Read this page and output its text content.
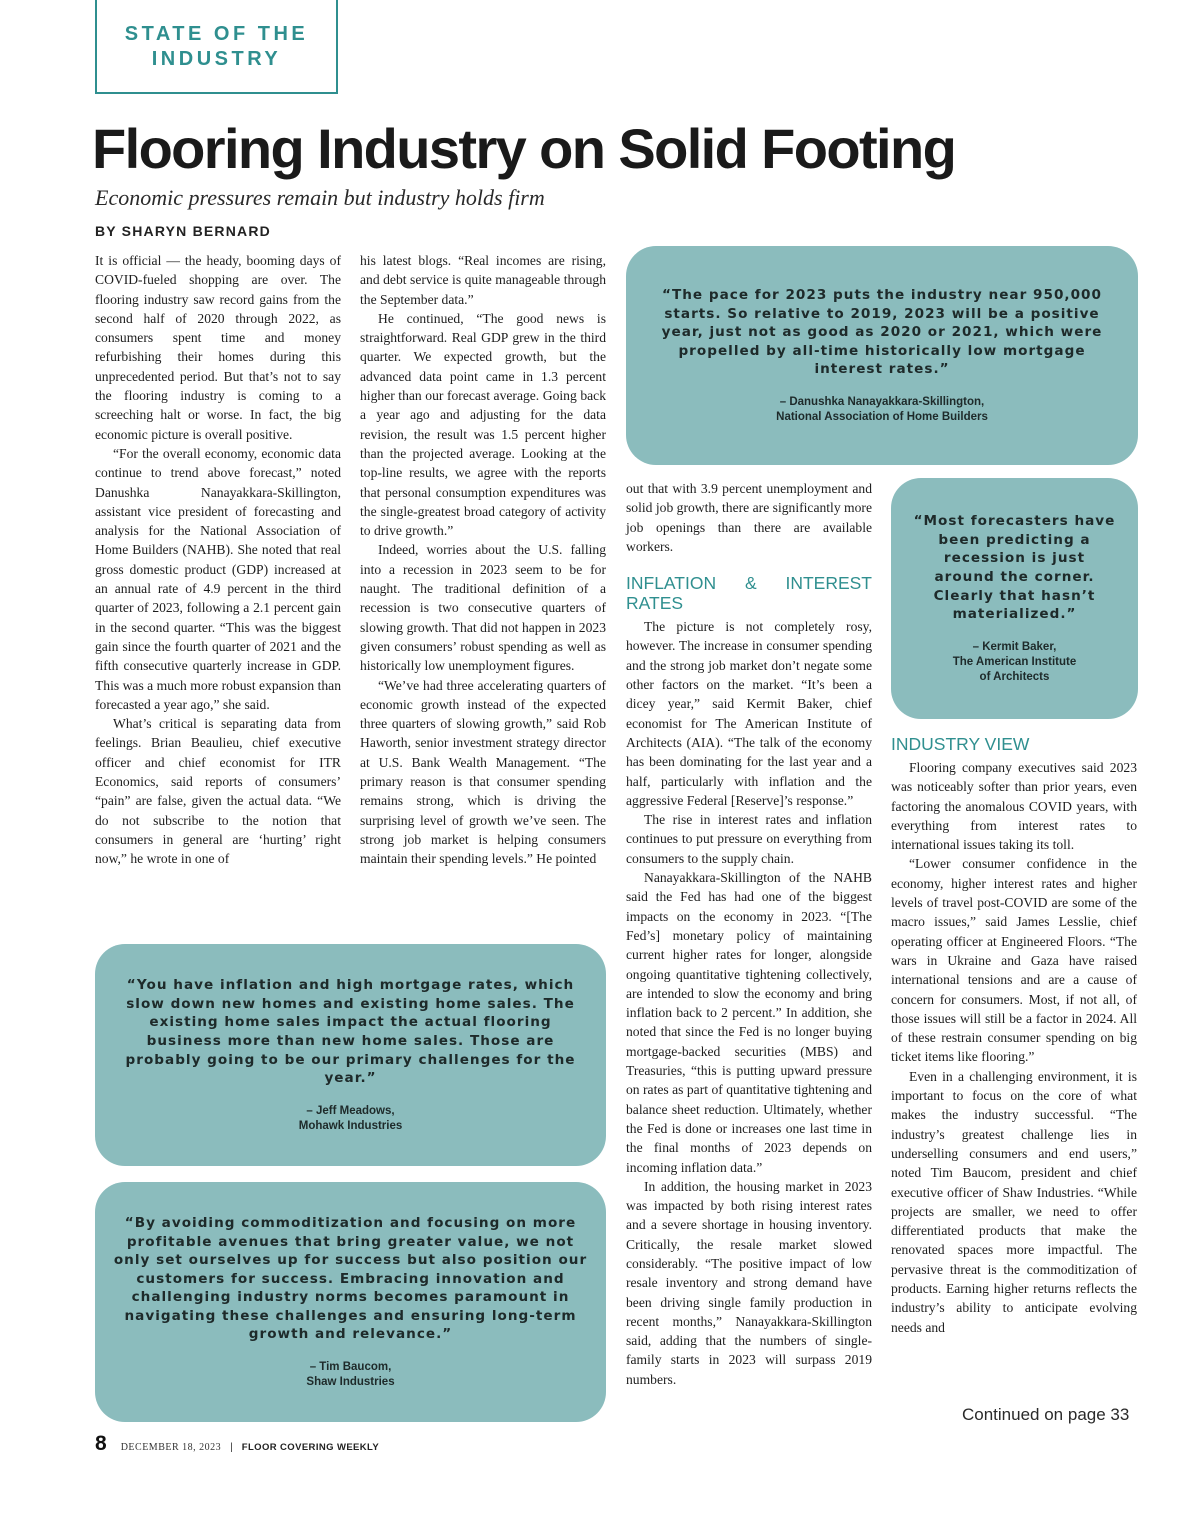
STATE OF THE
INDUSTRY
Flooring Industry on Solid Footing

Economic pressures remain but industry holds firm

BY SHARYN BERNARD

It is official — the heady, booming days of COVID-fueled shopping are over. The flooring industry saw record gains from the second half of 2020 through 2022, as consumers spent time and money refurbishing their homes during this unprecedented period. But that’s not to say the flooring industry is coming to a screeching halt or worse. In fact, the big economic picture is overall positive.

“For the overall economy, economic data continue to trend above forecast,” noted Danushka Nanayakkara-Skillington, assistant vice president of forecasting and analysis for the National Association of Home Builders (NAHB). She noted that real gross domestic product (GDP) increased at an annual rate of 4.9 percent in the third quarter of 2023, following a 2.1 percent gain in the second quarter. “This was the biggest gain since the fourth quarter of 2021 and the fifth consecutive quarterly increase in GDP. This was a much more robust expansion than forecasted a year ago,” she said.

What’s critical is separating data from feelings. Brian Beaulieu, chief executive officer and chief economist for ITR Economics, said reports of consumers’ “pain” are false, given the actual data. “We do not subscribe to the notion that consumers in general are ‘hurting’ right now,” he wrote in one of

his latest blogs. “Real incomes are rising, and debt service is quite manageable through the September data.”

He continued, “The good news is straightforward. Real GDP grew in the third quarter. We expected growth, but the advanced data point came in 1.3 percent higher than our forecast average. Going back a year ago and adjusting for the data revision, the result was 1.5 percent higher than the projected average. Looking at the top-line results, we agree with the reports that personal consumption expenditures was the single-greatest broad category of activity to drive growth.”

Indeed, worries about the U.S. falling into a recession in 2023 seem to be for naught. The traditional definition of a recession is two consecutive quarters of slowing growth. That did not happen in 2023 given consumers’ robust spending as well as historically low unemployment figures.

“We’ve had three accelerating quarters of economic growth instead of the expected three quarters of slowing growth,” said Rob Haworth, senior investment strategy director at U.S. Bank Wealth Management. “The primary reason is that consumer spending remains strong, which is driving the surprising level of growth we’ve seen. The strong job market is helping consumers maintain their spending levels.” He pointed

out that with 3.9 percent unemployment and solid job growth, there are significantly more job openings than there are available workers.

INFLATION & INTEREST RATES

The picture is not completely rosy, however. The increase in consumer spending and the strong job market don’t negate some other factors on the market. “It’s been a dicey year,” said Kermit Baker, chief economist for The American Institute of Architects (AIA). “The talk of the economy has been dominating for the last year and a half, particularly with inflation and the aggressive Federal [Reserve]’s response.”

The rise in interest rates and inflation continues to put pressure on everything from consumers to the supply chain.

Nanayakkara-Skillington of the NAHB said the Fed has had one of the biggest impacts on the economy in 2023. “[The Fed’s] monetary policy of maintaining current higher rates for longer, alongside ongoing quantitative tightening collectively, are intended to slow the economy and bring inflation back to 2 percent.” In addition, she noted that since the Fed is no longer buying mortgage-backed securities (MBS) and Treasuries, “this is putting upward pressure on rates as part of quantitative tightening and balance sheet reduction. Ultimately, whether the Fed is done or increases one last time in the final months of 2023 depends on incoming inflation data.”

In addition, the housing market in 2023 was impacted by both rising interest rates and a severe shortage in housing inventory. Critically, the resale market slowed considerably. “The positive impact of low resale inventory and strong demand have been driving single family production in recent months,” Nanayakkara-Skillington said, adding that the numbers of single-family starts in 2023 will surpass 2019 numbers.

INDUSTRY VIEW

Flooring company executives said 2023 was noticeably softer than prior years, even factoring the anomalous COVID years, with everything from interest rates to international issues taking its toll.

“Lower consumer confidence in the economy, higher interest rates and higher levels of travel post-COVID are some of the macro issues,” said James Lesslie, chief operating officer at Engineered Floors. “The wars in Ukraine and Gaza have raised international tensions and are a cause of concern for consumers. Most, if not all, of those issues will still be a factor in 2024. All of these restrain consumer spending on big ticket items like flooring.”

Even in a challenging environment, it is important to focus on the core of what makes the industry successful. “The industry’s greatest challenge lies in underselling consumers and end users,” noted Tim Baucom, president and chief executive officer of Shaw Industries. “While projects are smaller, we need to offer differentiated products that make the renovated spaces more impactful. The pervasive threat is the commoditization of products. Earning higher returns reflects the industry’s ability to anticipate evolving needs and

“The pace for 2023 puts the industry near 950,000 starts. So relative to 2019, 2023 will be a positive year, just not as good as 2020 or 2021, which were propelled by all-time historically low mortgage interest rates.”

– Danushka Nanayakkara-Skillington,
National Association of Home Builders

“Most forecasters have been predicting a recession is just around the corner. Clearly that hasn’t materialized.”

– Kermit Baker,
The American Institute
of Architects

“You have inflation and high mortgage rates, which slow down new homes and existing home sales. The existing home sales impact the actual flooring business more than new home sales. Those are probably going to be our primary challenges for the year.”

– Jeff Meadows,
Mohawk Industries

“By avoiding commoditization and focusing on more profitable avenues that bring greater value, we not only set ourselves up for success but also position our customers for success. Embracing innovation and challenging industry norms becomes paramount in navigating these challenges and ensuring long-term growth and relevance.”

– Tim Baucom,
Shaw Industries

Continued on page 33

8 DECEMBER 18, 2023 | FLOOR COVERING WEEKLY
